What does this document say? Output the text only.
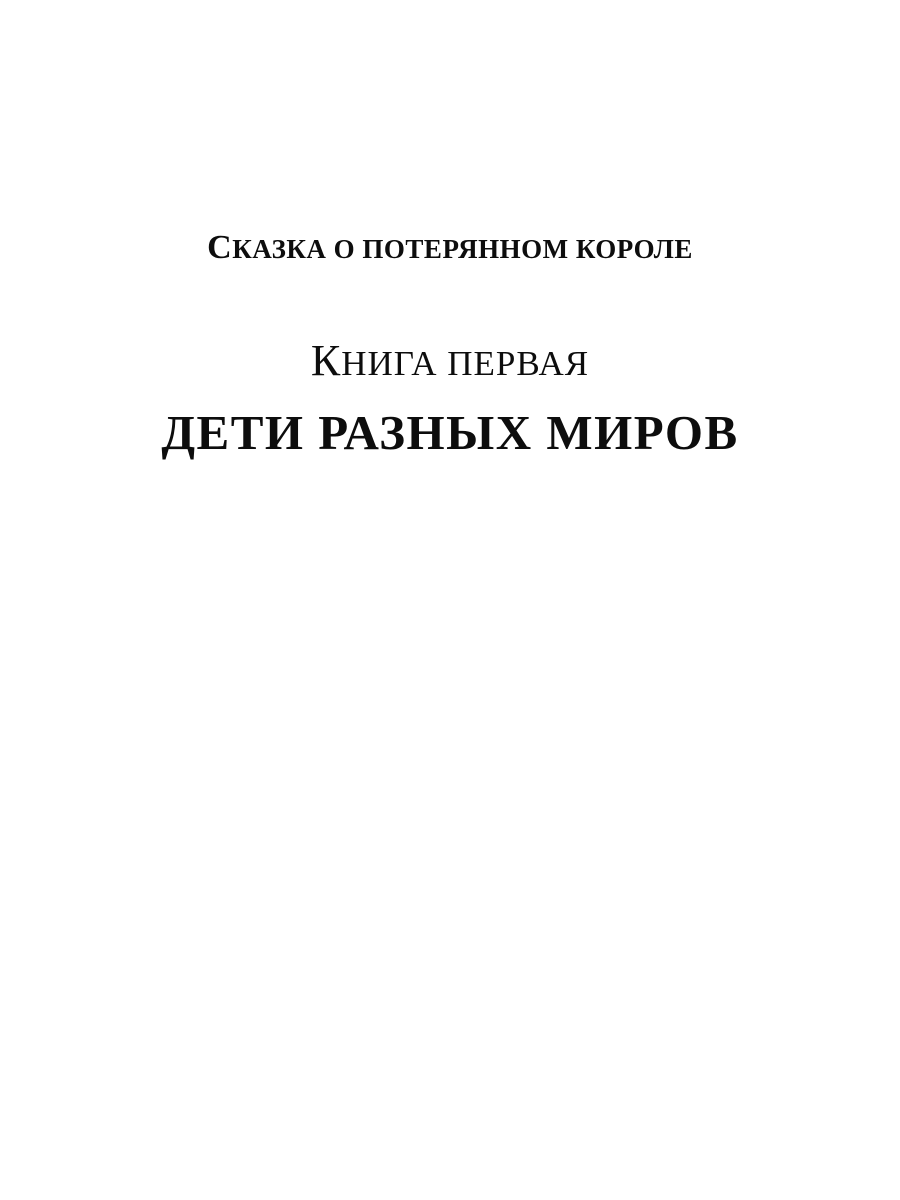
СКАЗКА О ПОТЕРЯННОМ КОРОЛЕ

КНИГА ПЕРВАЯ

ДЕТИ РАЗНЫХ МИРОВ
